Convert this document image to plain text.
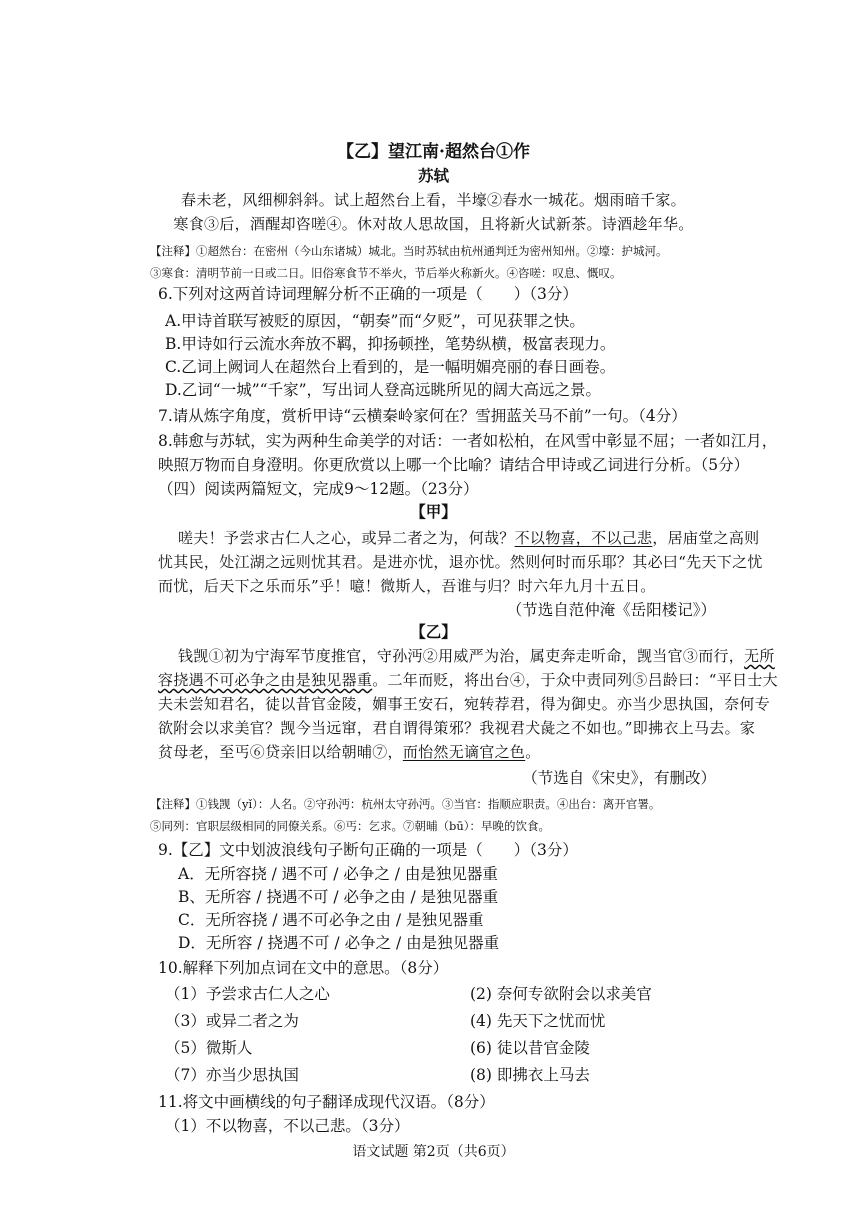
【乙】望江南·超然台①作
苏轼
春未老，风细柳斜斜。试上超然台上看，半壕②春水一城花。烟雨暗千家。
寒食③后，酒醒却咨嗟④。休对故人思故国，且将新火试新茶。诗酒趁年华。
【注释】①超然台：在密州（今山东诸城）城北。当时苏轼由杭州通判迁为密州知州。②壕：护城河。
③寒食：清明节前一日或二日。旧俗寒食节不举火，节后举火称新火。④咨嗟：叹息、慨叹。
6.下列对这两首诗词理解分析不正确的一项是（　　）（3分）
A.甲诗首联写被贬的原因，“朝奏”而“夕贬”，可见获罪之快。
B.甲诗如行云流水奔放不羁，抑扬顿挫，笔势纵横，极富表现力。
C.乙词上阙词人在超然台上看到的，是一幅明媚亮丽的春日画卷。
D.乙词“一城”“千家”，写出词人登高远眺所见的阔大高远之景。
7.请从炼字角度，赏析甲诗“云横秦岭家何在？雪拥蓝关马不前”一句。（4分）
8.韩愈与苏轼，实为两种生命美学的对话：一者如松柏，在风雪中彰显不屈；一者如江月，
映照万物而自身澄明。你更欣赏以上哪一个比喻？请结合甲诗或乙词进行分析。（5分）
（四）阅读两篇短文，完成9～12题。（23分）
【甲】
嗟夫！予尝求古仁人之心，或异二者之为，何哉？不以物喜，不以己悲，居庙堂之高则
忧其民，处江湖之远则忧其君。是进亦忧，退亦忧。然则何时而乐耶？其必曰“先天下之忧
而忧，后天下之乐而乐”乎！噫！微斯人，吾谁与归？时六年九月十五日。
（节选自范仲淹《岳阳楼记》）
【乙】
钱觊①初为宁海军节度推官，守孙沔②用威严为治，属吏奔走听命，觊当官③而行，无所
容挠遇不可必争之由是独见器重。二年而贬，将出台④，于众中责同列⑤吕龄曰：“平日士大
夫未尝知君名，徒以昔官金陵，媚事王安石，宛转荐君，得为御史。亦当少思执国，奈何专
欲附会以求美官？觊今当远窜，君自谓得策邪？我视君犬彘之不如也。”即拂衣上马去。家
贫母老，至丐⑥贷亲旧以给朝晡⑦，而怡然无谪官之色。
（节选自《宋史》，有删改）
【注释】①钱觊（yǐ）：人名。②守孙沔：杭州太守孙沔。③当官：指顺应职责。④出台：离开官署。
⑤同列：官职层级相同的同僚关系。⑥丐：乞求。⑦朝晡（bū）：早晚的饮食。
9.【乙】文中划波浪线句子断句正确的一项是（　　）（3分）
A．无所容挠 / 遇不可 / 必争之 / 由是独见器重
B、无所容 / 挠遇不可 / 必争之由 / 是独见器重
C．无所容挠 / 遇不可必争之由 / 是独见器重
D．无所容 / 挠遇不可 / 必争之 / 由是独见器重
10.解释下列加点词在文中的意思。（8分）
（1）予尝求古仁人之心	(2) 奈何专欲附会以求美官
（3）或异二者之为	(4) 先天下之忧而忧
（5）微斯人	(6) 徒以昔官金陵
（7）亦当少思执国	(8) 即拂衣上马去
11.将文中画横线的句子翻译成现代汉语。（8分）
（1）不以物喜，不以己悲。（3分）
语文试题 第2页（共6页）
